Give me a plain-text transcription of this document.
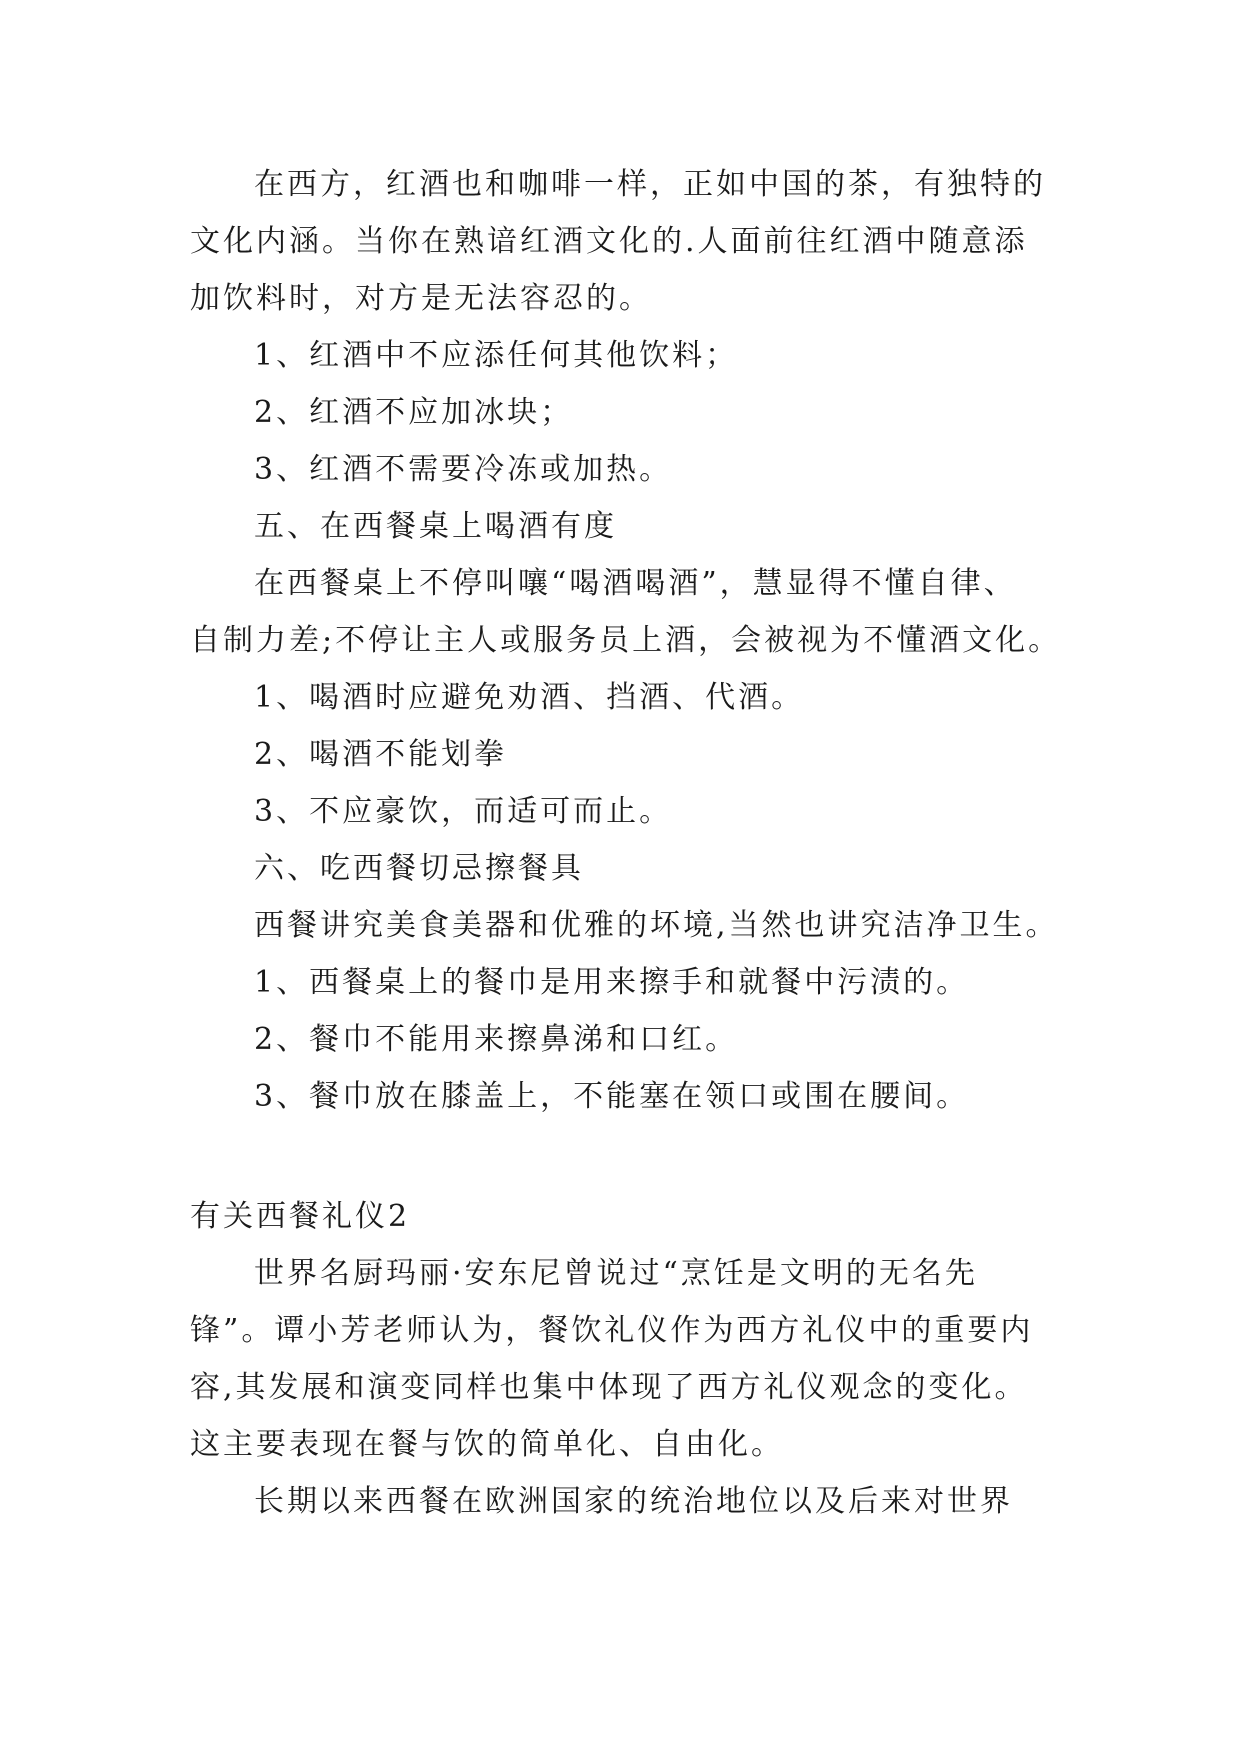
在西方，红酒也和咖啡一样，正如中国的茶，有独特的
文化内涵。当你在熟谙红酒文化的.人面前往红酒中随意添
加饮料时，对方是无法容忍的。
1、红酒中不应添任何其他饮料；
2、红酒不应加冰块；
3、红酒不需要冷冻或加热。
五、在西餐桌上喝酒有度
在西餐桌上不停叫嚷“喝酒喝酒”，慧显得不懂自律、
自制力差;不停让主人或服务员上酒，会被视为不懂酒文化。
1、喝酒时应避免劝酒、挡酒、代酒。
2、喝酒不能划拳
3、不应豪饮，而适可而止。
六、吃西餐切忌擦餐具
西餐讲究美食美器和优雅的坏境,当然也讲究洁净卫生。
1、西餐桌上的餐巾是用来擦手和就餐中污渍的。
2、餐巾不能用来擦鼻涕和口红。
3、餐巾放在膝盖上，不能塞在领口或围在腰间。
有关西餐礼仪2
世界名厨玛丽·安东尼曾说过“烹饪是文明的无名先
锋”。谭小芳老师认为，餐饮礼仪作为西方礼仪中的重要内
容,其发展和演变同样也集中体现了西方礼仪观念的变化。
这主要表现在餐与饮的简单化、自由化。
长期以来西餐在欧洲国家的统治地位以及后来对世界
